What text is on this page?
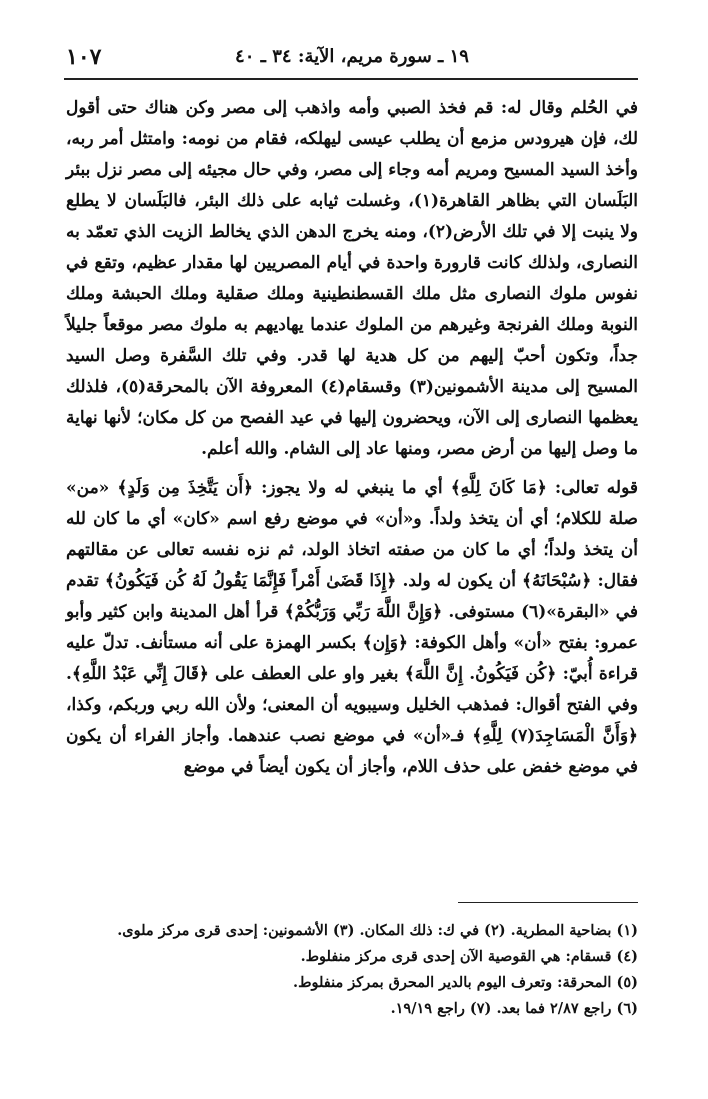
١٩ ـ سورة مريم، الآية: ٣٤ ـ ٤٠
١٠٧

في الحُلم وقال له: قم فخذ الصبي وأمه واذهب إلى مصر وكن هناك حتى أقول لك، فإن هيرودس مزمع أن يطلب عيسى ليهلكه، فقام من نومه: وامتثل أمر ربه، وأخذ السيد المسيح ومريم أمه وجاء إلى مصر، وفي حال مجيئه إلى مصر نزل ببئر البَلَسان التي بظاهر القاهرة(١)، وغسلت ثيابه على ذلك البئر، فالبَلَسان لا يطلع ولا ينبت إلا في تلك الأرض(٢)، ومنه يخرج الدهن الذي يخالط الزيت الذي تعمّد به النصارى، ولذلك كانت قارورة واحدة في أيام المصريين لها مقدار عظيم، وتقع في نفوس ملوك النصارى مثل ملك القسطنطينية وملك صقلية وملك الحبشة وملك النوبة وملك الفرنجة وغيرهم من الملوك عندما يهاديهم به ملوك مصر موقعاً جليلاً جداً، وتكون أحبّ إليهم من كل هدية لها قدر. وفي تلك السَّفرة وصل السيد المسيح إلى مدينة الأشمونين(٣) وقسقام(٤) المعروفة الآن بالمحرقة(٥)، فلذلك يعظمها النصارى إلى الآن، ويحضرون إليها في عيد الفصح من كل مكان؛ لأنها نهاية ما وصل إليها من أرض مصر، ومنها عاد إلى الشام. والله أعلم.

قوله تعالى: ﴿مَا كَانَ لِلَّهِ﴾ أي ما ينبغي له ولا يجوز: ﴿أَن يَتَّخِذَ مِن وَلَدٍ﴾ «من» صلة للكلام؛ أي أن يتخذ ولداً. و«أن» في موضع رفع اسم «كان» أي ما كان لله أن يتخذ ولداً؛ أي ما كان من صفته اتخاذ الولد، ثم نزه نفسه تعالى عن مقالتهم فقال: ﴿سُبْحَانَهُ﴾ أن يكون له ولد. ﴿إِذَا قَضَىٰ أَمْراً فَإِنَّمَا يَقُولُ لَهُ كُن فَيَكُونُ﴾ تقدم في «البقرة»(٦) مستوفى. ﴿وَإِنَّ اللَّهَ رَبِّي وَرَبُّكُمْ﴾ قرأ أهل المدينة وابن كثير وأبو عمرو: بفتح «أن» وأهل الكوفة: ﴿وَإِن﴾ بكسر الهمزة على أنه مستأنف. تدلّ عليه قراءة أُبيّ: ﴿كُن فَيَكُونُ. إِنَّ اللَّهَ﴾ بغير واو على العطف على ﴿قَالَ إِنِّي عَبْدُ اللَّهِ﴾. وفي الفتح أقوال: فمذهب الخليل وسيبويه أن المعنى؛ ولأن الله ربي وربكم، وكذا، ﴿وَأَنَّ الْمَسَاجِدَ(٧) لِلَّهِ﴾ فـ«أن» في موضع نصب عندهما. وأجاز الفراء أن يكون في موضع خفض على حذف اللام، وأجاز أن يكون أيضاً في موضع

(١) بضاحية المطرية. (٢) في ك: ذلك المكان. (٣) الأشمونين: إحدى قرى مركز ملوى.
(٤) قسقام: هي القوصية الآن إحدى قرى مركز منفلوط.
(٥) المحرقة: وتعرف اليوم بالدير المحرق بمركز منفلوط.
(٦) راجع ٢/٨٧ فما بعد. (٧) راجع ١٩/١٩.
